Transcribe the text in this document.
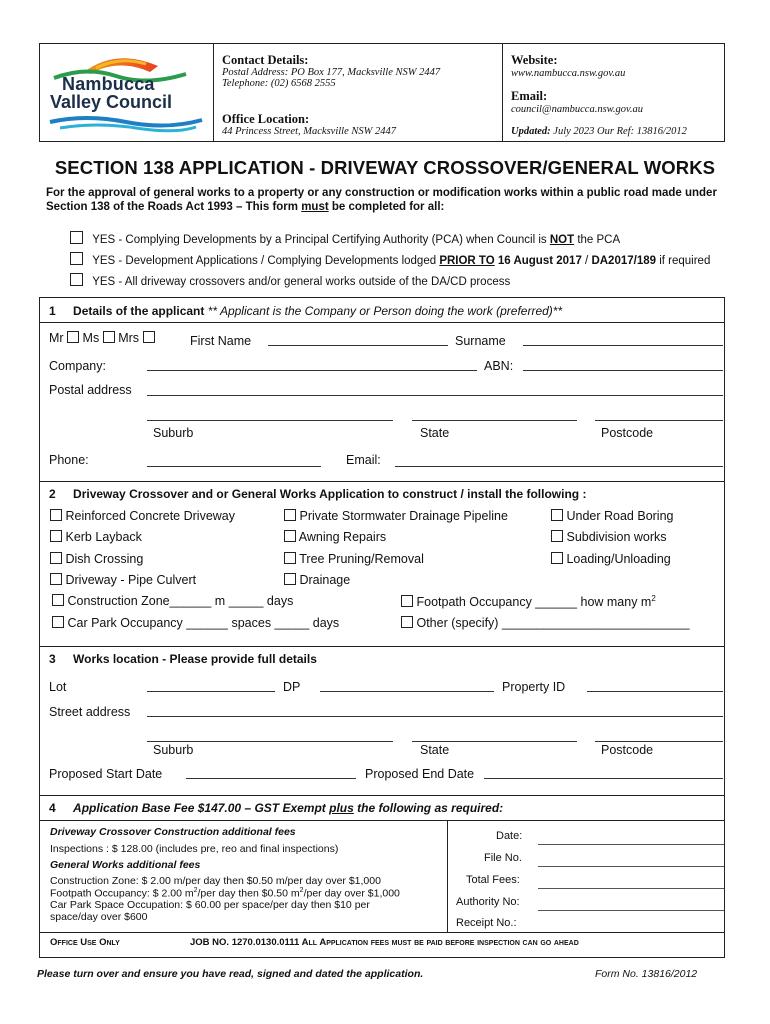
Nambucca
Valley Council
Contact Details:
Postal Address: PO Box 177, Macksville NSW 2447
Telephone: (02) 6568 2555
Office Location:
44 Princess Street, Macksville NSW 2447
Website:
www.nambucca.nsw.gov.au
Email:
council@nambucca.nsw.gov.au
Updated: July 2023 Our Ref: 13816/2012
SECTION 138 APPLICATION - DRIVEWAY CROSSOVER/GENERAL WORKS
For the approval of general works to a property or any construction or modification works within a public road made under
Section 138 of the Roads Act 1993 – This form must be completed for all:
YES - Complying Developments by a Principal Certifying Authority (PCA) when Council is NOT the PCA
YES - Development Applications / Complying Developments lodged PRIOR TO 16 August 2017 / DA2017/189 if required
YES - All driveway crossovers and/or general works outside of the DA/CD process
1 Details of the applicant ** Applicant is the Company or Person doing the work (preferred)**
Mr Ms Mrs	First Name	Surname
Company:	ABN:
Postal address
Suburb	State	Postcode
Phone:	Email:
2 Driveway Crossover and or General Works Application to construct / install the following :
Reinforced Concrete Driveway	Private Stormwater Drainage Pipeline	Under Road Boring
Kerb Layback	Awning Repairs	Subdivision works
Dish Crossing	Tree Pruning/Removal	Loading/Unloading
Driveway - Pipe Culvert	Drainage
Construction Zone______ m _____ days	Footpath Occupancy ______ how many $m^2$
Car Park Occupancy ______ spaces _____ days	Other (specify) ___________________________
3 Works location - Please provide full details
Lot	DP	Property ID
Street address
Suburb	State	Postcode
Proposed Start Date	Proposed End Date
4 Application Base Fee $147.00 – GST Exempt plus the following as required:
Driveway Crossover Construction additional fees
Inspections : $ 128.00 (includes pre, reo and final inspections)
General Works additional fees
Construction Zone: $ 2.00 m/per day then $0.50 m/per day over $1,000
Footpath Occupancy: $ 2.00 $m^2$/per day then $0.50 $m^2$/per day over $1,000
Car Park Space Occupation: $ 60.00 per space/per day then $10 per
space/day over $600
Date:
File No.
Total Fees:
Authority No:
Receipt No.:
Office Use Only	JOB NO. 1270.0130.0111 All Application fees must be paid before inspection can go ahead
Please turn over and ensure you have read, signed and dated the application.	Form No. 13816/2012
